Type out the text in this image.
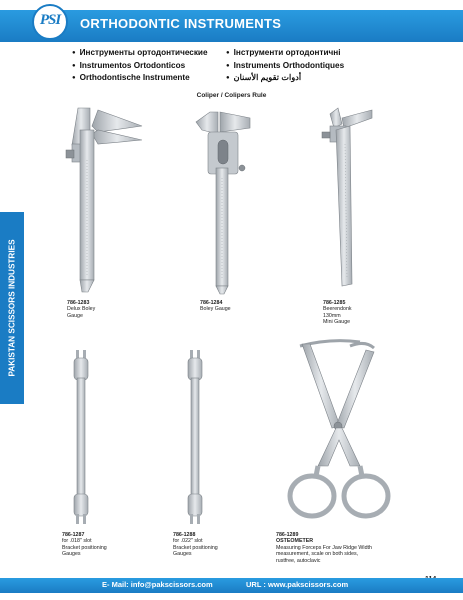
PSI	ORTHODONTIC INSTRUMENTS
● Инструменты ортодонтические
● Instrumentos Ortodonticos
● Orthodontische Instrumente
● Інструменти ортодонтичні
● Instruments Orthodontiques
● أدوات تقويم الأسنان
Coliper / Colipers Rule
PAKISTAN SCISSORS INDUSTRIES	786-1283
Delux Boley
Gauge
786-1284
Boley Gauge
786-1285
Beerendonk
130mm
Mini Gauge
786-1287
for .018" slot
Bracket positioning
Gauges
786-1288
for .022" slot
Bracket positioning
Gauges
786-1289
OSTEOMETER
Measuring Forceps For Jaw Ridge Width
measurement, scale on both sides,
rustfree, autoclavic
E- Mail: info@pakscissors.com	URL : www.pakscissors.com
